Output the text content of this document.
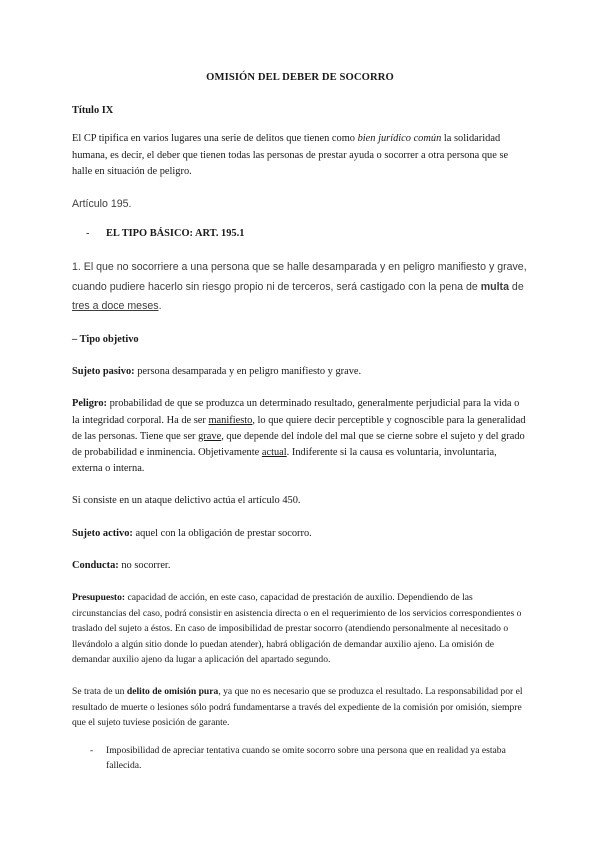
OMISIÓN DEL DEBER DE SOCORRO

Título IX

El CP tipifica en varios lugares una serie de delitos que tienen como bien jurídico común la solidaridad humana, es decir, el deber que tienen todas las personas de prestar ayuda o socorrer a otra persona que se halle en situación de peligro.

Artículo 195.

-	EL TIPO BÁSICO: ART. 195.1

1. El que no socorriere a una persona que se halle desamparada y en peligro manifiesto y grave, cuando pudiere hacerlo sin riesgo propio ni de terceros, será castigado con la pena de multa de tres a doce meses.

– Tipo objetivo

Sujeto pasivo: persona desamparada y en peligro manifiesto y grave.

Peligro: probabilidad de que se produzca un determinado resultado, generalmente perjudicial para la vida o la integridad corporal. Ha de ser manifiesto, lo que quiere decir perceptible y cognoscible para la generalidad de las personas. Tiene que ser grave, que depende del índole del mal que se cierne sobre el sujeto y del grado de probabilidad e inminencia. Objetivamente actual. Indiferente si la causa es voluntaria, involuntaria, externa o interna.

Si consiste en un ataque delictivo actúa el artículo 450.

Sujeto activo: aquel con la obligación de prestar socorro.

Conducta: no socorrer.

Presupuesto: capacidad de acción, en este caso, capacidad de prestación de auxilio. Dependiendo de las circunstancias del caso, podrá consistir en asistencia directa o en el requerimiento de los servicios correspondientes o traslado del sujeto a éstos. En caso de imposibilidad de prestar socorro (atendiendo personalmente al necesitado o llevándolo a algún sitio donde lo puedan atender), habrá obligación de demandar auxilio ajeno. La omisión de demandar auxilio ajeno da lugar a aplicación del apartado segundo.

Se trata de un delito de omisión pura, ya que no es necesario que se produzca el resultado. La responsabilidad por el resultado de muerte o lesiones sólo podrá fundamentarse a través del expediente de la comisión por omisión, siempre que el sujeto tuviese posición de garante.

-	Imposibilidad de apreciar tentativa cuando se omite socorro sobre una persona que en realidad ya estaba fallecida.
